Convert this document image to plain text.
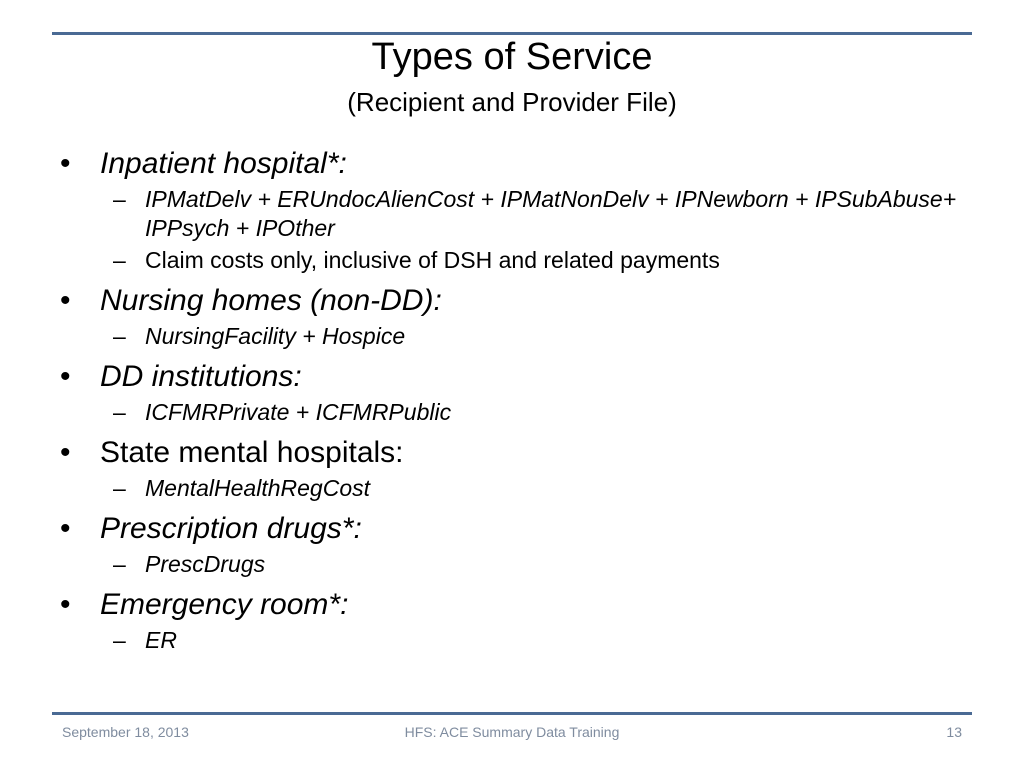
Types of Service
(Recipient and Provider File)
• Inpatient hospital*:
– IPMatDelv + ERUndocAlienCost + IPMatNonDelv + IPNewborn + IPSubAbuse+ IPPsych + IPOther
– Claim costs only, inclusive of DSH and related payments
• Nursing homes (non-DD):
– NursingFacility + Hospice
• DD institutions:
– ICFMRPrivate + ICFMRPublic
• State mental hospitals:
– MentalHealthRegCost
• Prescription drugs*:
– PrescDrugs
• Emergency room*:
– ER
September 18, 2013	HFS: ACE Summary Data Training	13
